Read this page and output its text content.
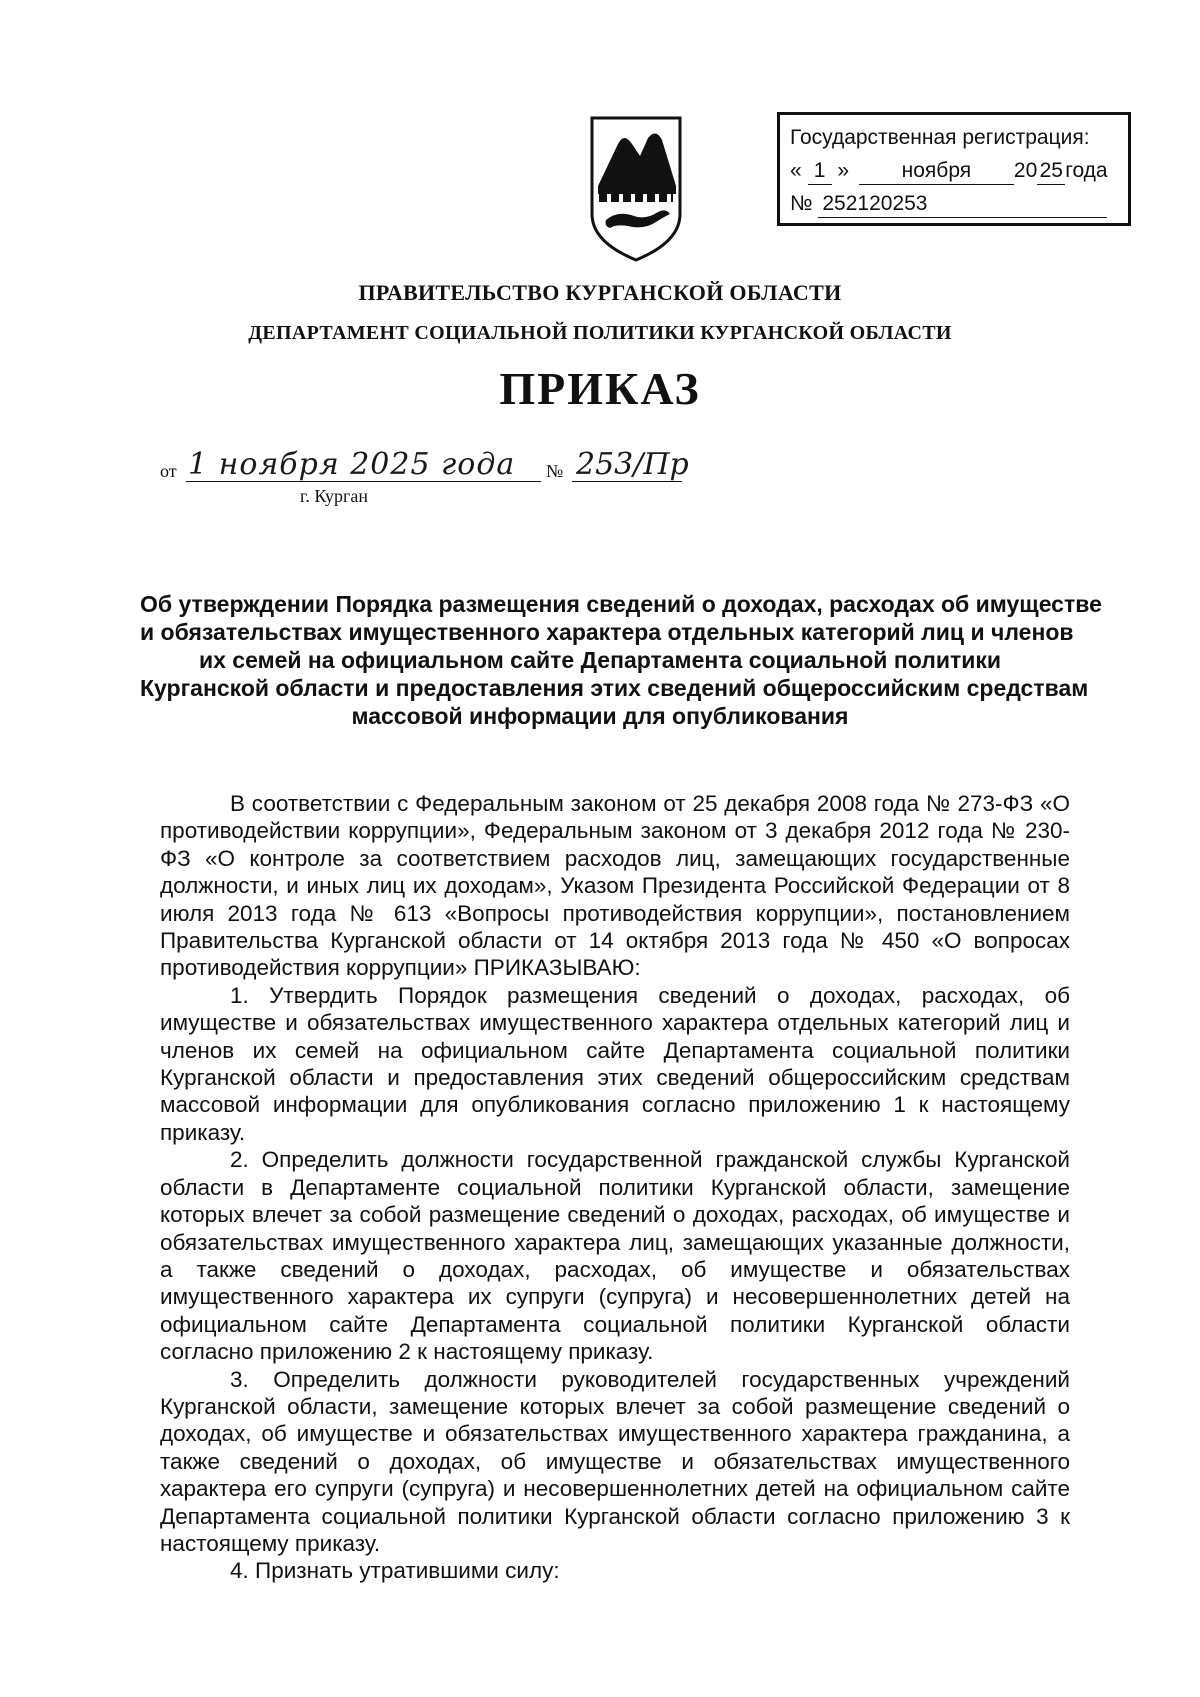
Государственная регистрация:
« 1 »	ноября 20 25 года
№ 252120253
ПРАВИТЕЛЬСТВО КУРГАНСКОЙ ОБЛАСТИ
ДЕПАРТАМЕНТ СОЦИАЛЬНОЙ ПОЛИТИКИ КУРГАНСКОЙ ОБЛАСТИ
ПРИКАЗ
от 1 ноября 2025 года № 253/Пр
г. Курган
Об утверждении Порядка размещения сведений о доходах, расходах об имуществе
и обязательствах имущественного характера отдельных категорий лиц и членов
их семей на официальном сайте Департамента социальной политики
Курганской области и предоставления этих сведений общероссийским средствам
массовой информации для опубликования

В соответствии с Федеральным законом от 25 декабря 2008 года № 273-ФЗ «О противодействии коррупции», Федеральным законом от 3 декабря 2012 года № 230-ФЗ «О контроле за соответствием расходов лиц, замещающих государственные должности, и иных лиц их доходам», Указом Президента Российской Федерации от 8 июля 2013 года № 613 «Вопросы противодействия коррупции», постановлением Правительства Курганской области от 14 октября 2013 года № 450 «О вопросах противодействия коррупции» ПРИКАЗЫВАЮ:

1. Утвердить Порядок размещения сведений о доходах, расходах, об имуществе и обязательствах имущественного характера отдельных категорий лиц и членов их семей на официальном сайте Департамента социальной политики Курганской области и предоставления этих сведений общероссийским средствам массовой информации для опубликования согласно приложению 1 к настоящему приказу.

2. Определить должности государственной гражданской службы Курганской области в Департаменте социальной политики Курганской области, замещение которых влечет за собой размещение сведений о доходах, расходах, об имуществе и обязательствах имущественного характера лиц, замещающих указанные должности, а также сведений о доходах, расходах, об имуществе и обязательствах имущественного характера их супруги (супруга) и несовершеннолетних детей на официальном сайте Департамента социальной политики Курганской области согласно приложению 2 к настоящему приказу.

3. Определить должности руководителей государственных учреждений Курганской области, замещение которых влечет за собой размещение сведений о доходах, об имуществе и обязательствах имущественного характера гражданина, а также сведений о доходах, об имуществе и обязательствах имущественного характера его супруги (супруга) и несовершеннолетних детей на официальном сайте Департамента социальной политики Курганской области согласно приложению 3 к настоящему приказу.

4. Признать утратившими силу:
